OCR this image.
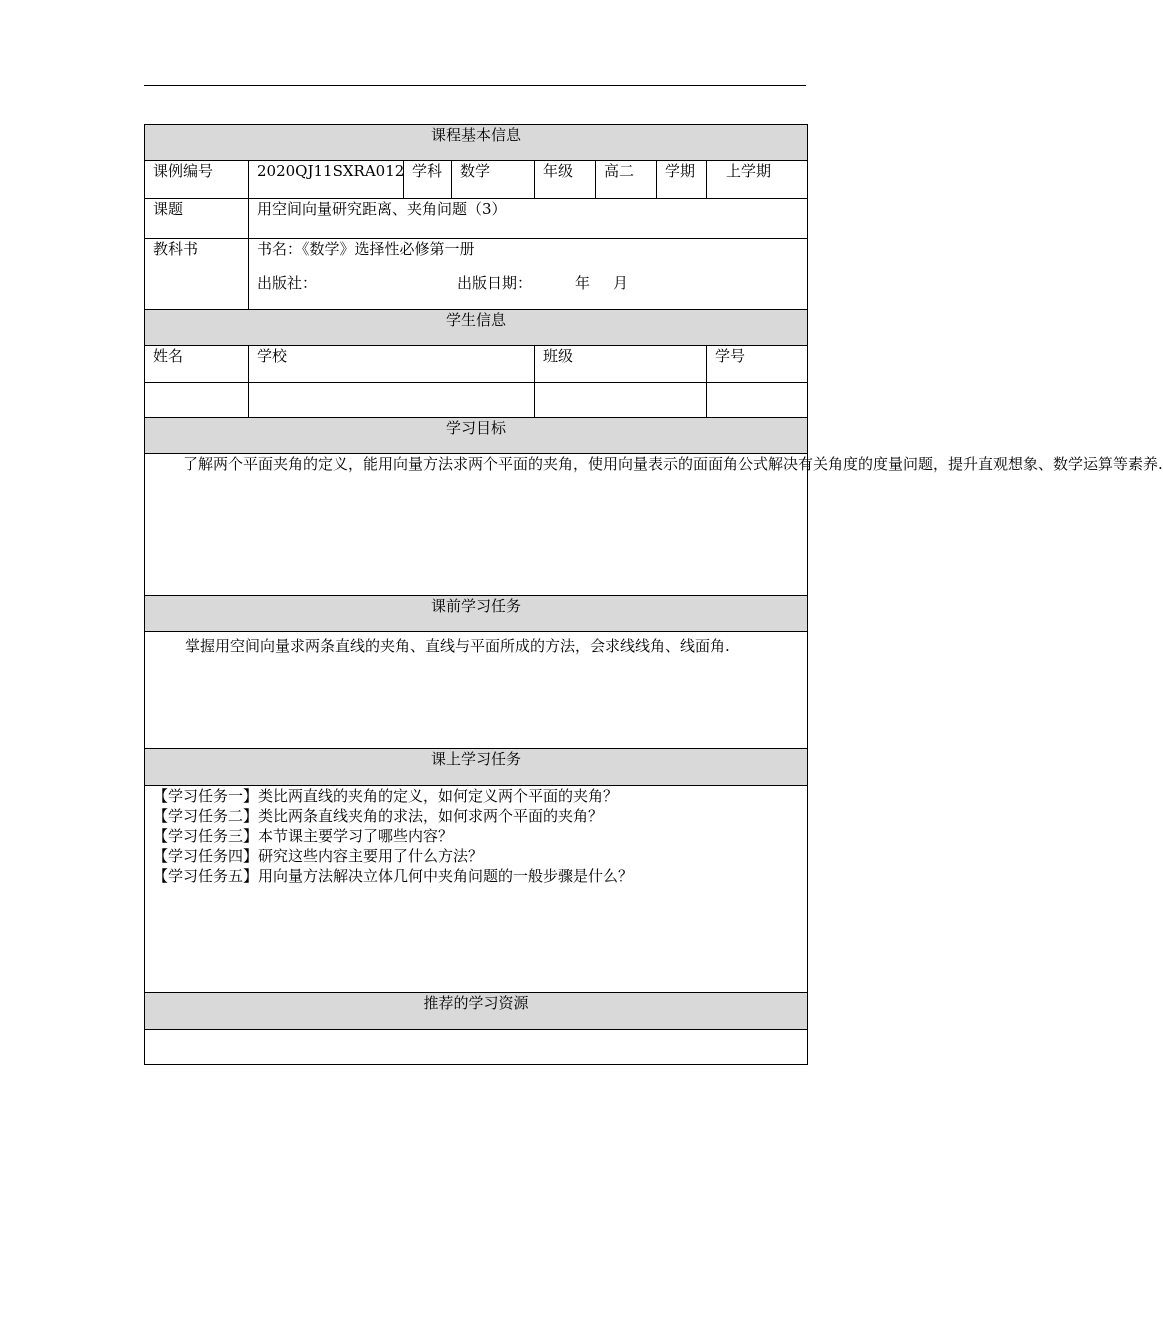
课程基本信息							
课例编号	2020QJ11SXRA012	学科	数学	年级	高二	学期	上学期
课题	用空间向量研究距离、夹角问题（3）						
教科书	书名：《数学》选择性必修第一册
出版社： 出版日期： 年 月						

学生信息							
姓名	学校			班级			学号

学习目标							
了解两个平面夹角的定义，能用向量方法求两个平面的夹角，使用向量表示的面面角公式解决有关角度的度量问题，提升直观想象、数学运算等素养.							
课前学习任务							
掌握用空间向量求两条直线的夹角、直线与平面所成的方法，会求线线角、线面角.							
课上学习任务							

【学习任务一】类比两直线的夹角的定义，如何定义两个平面的夹角？
【学习任务二】类比两条直线夹角的求法，如何求两个平面的夹角？
【学习任务三】本节课主要学习了哪些内容？
【学习任务四】研究这些内容主要用了什么方法？
【学习任务五】用向量方法解决立体几何中夹角问题的一般步骤是什么？							

推荐的学习资源							
